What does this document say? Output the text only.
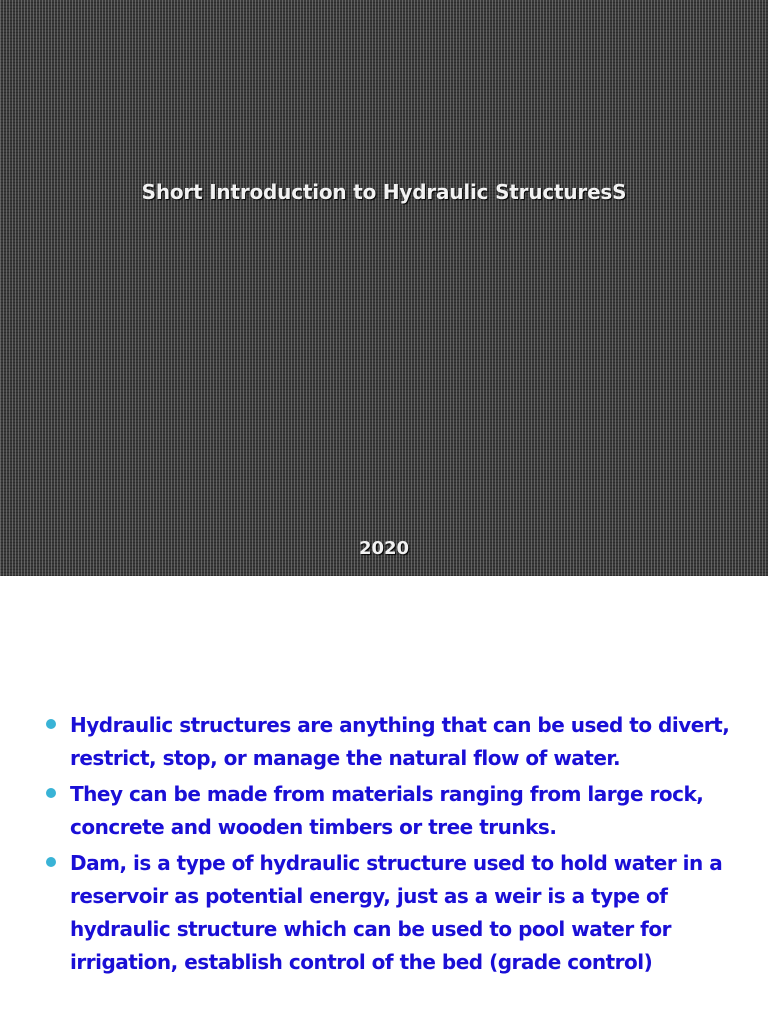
Short Introduction to Hydraulic StructuresS
2020
Hydraulic structures are anything that can be used to divert, restrict, stop, or manage the natural flow of water.
They can be made from materials ranging from large rock, concrete and wooden timbers or tree trunks.
Dam, is a type of hydraulic structure used to hold water in a reservoir as potential energy, just as a weir is a type of hydraulic structure which can be used to pool water for irrigation, establish control of the bed (grade control)
